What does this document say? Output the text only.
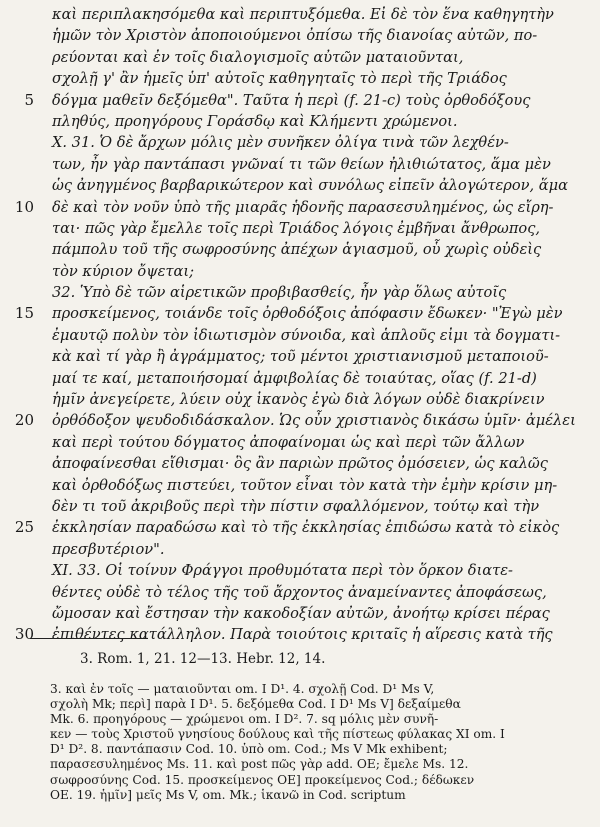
καὶ περιπλακησόμεθα καὶ περιπτυξόμεθα. Εἰ δὲ τὸν ἕνα καθηγητὴν
ἡμῶν τὸν Χριστὸν ἀποποιούμενοι ὀπίσω τῆς διανοίας αὐτῶν, πο-
ρεύονται καὶ ἐν τοῖς διαλογισμοῖς αὐτῶν ματαιοῦνται,
σχολῇ γ' ἂν ἡμεῖς ὑπ' αὐτοῖς καθηγηταῖς τὸ περὶ τῆς Τριάδος
5 δόγμα μαθεῖν δεξόμεθα". Ταῦτα ἡ περὶ (f. 21-c) τοὺς ὀρθοδόξους
πληθύς, προηγόρους Γοράσδῳ καὶ Κλήμεντι χρώμενοι.
X. 31. Ὁ δὲ ἄρχων μόλις μὲν συνῆκεν ὀλίγα τινὰ τῶν λεχθέν-
των, ἦν γὰρ παντάπασι γνῶναί τι τῶν θείων ἠλιθιώτατος, ἅμα μὲν
ὡς ἀνηγμένος βαρβαρικώτερον καὶ συνόλως εἰπεῖν ἀλογώτερον, ἅμα
10 δὲ καὶ τὸν νοῦν ὑπὸ τῆς μιαρᾶς ἡδονῆς παρασεσυλημένος, ὡς εἴρη-
ται· πῶς γὰρ ἔμελλε τοῖς περὶ Τριάδος λόγοις ἐμβῆναι ἄνθρωπος,
πάμπολυ τοῦ τῆς σωφροσύνης ἀπέχων ἁγιασμοῦ, οὗ χωρὶς οὐδεὶς
τὸν κύριον ὄψεται;
32. Ὑπὸ δὲ τῶν αἱρετικῶν προβιβασθείς, ἦν γὰρ ὅλως αὐτοῖς
15 προσκείμενος, τοιάνδε τοῖς ὀρθοδόξοις ἀπόφασιν ἔδωκεν· "Ἐγὼ μὲν
ἐμαυτῷ πολὺν τὸν ἰδιωτισμὸν σύνοιδα, καὶ ἁπλοῦς εἰμι τὰ δογματι-
κὰ καὶ τί γὰρ ἢ ἀγράμματος; τοῦ μέντοι χριστιανισμοῦ μεταποιοῦ-
μαί τε καί, μεταποιήσομαί ἀμφιβολίας δὲ τοιαύτας, οἵας (f. 21-d)
ἡμῖν ἀνεγείρετε, λύειν οὐχ ἱκανὸς ἐγὼ διὰ λόγων οὐδὲ διακρίνειν
20 ὀρθόδοξον ψευδοδιδάσκαλον. Ὡς οὖν χριστιανὸς δικάσω ὑμῖν· ἀμέλει
καὶ περὶ τούτου δόγματος ἀποφαίνομαι ὡς καὶ περὶ τῶν ἄλλων
ἀποφαίνεσθαι εἴθισμαι· ὃς ἂν παριὼν πρῶτος ὀμόσειεν, ὡς καλῶς
καὶ ὀρθοδόξως πιστεύει, τοῦτον εἶναι τὸν κατὰ τὴν ἐμὴν κρίσιν μη-
δὲν τι τοῦ ἀκριβοῦς περὶ τὴν πίστιν σφαλλόμενον, τούτῳ καὶ τὴν
25 ἐκκλησίαν παραδώσω καὶ τὸ τῆς ἐκκλησίας ἐπιδώσω κατὰ τὸ εἰκὸς
πρεσβυτέριον".
XI. 33. Οἱ τοίνυν Φράγγοι προθυμότατα περὶ τὸν ὅρκον διατε-
θέντες οὐδὲ τὸ τέλος τῆς τοῦ ἄρχοντος ἀναμείναντες ἀποφάσεως,
ὤμοσαν καὶ ἔστησαν τὴν κακοδοξίαν αὐτῶν, ἀνοήτῳ κρίσει πέρας
30 ἐπιθέντες κατάλληλον. Παρὰ τοιούτοις κριταῖς ἡ αἵρεσις κατὰ τῆς
3. Rom. 1, 21. 12—13. Hebr. 12, 14.
3. καὶ ἐν τοῖς — ματαιοῦνται om. I D¹. 4. σχολῇ Cod. D¹ Ms V,
σχολὴ Mk; περὶ] παρὰ I D¹. 5. δεξόμεθα Cod. I D¹ Ms V] δεξαίμεθα
Mk. 6. προηγόρους — χρώμενοι om. I D². 7. sq μόλις μὲν συνῆ-
κεν — τοὺς Χριστοῦ γνησίους δούλους καὶ τῆς πίστεως φύλακας XI om. I
D¹ D². 8. παντάπασιν Cod. 10. ὑπὸ om. Cod.; Ms V Mk exhibent;
παρασεσυλημένος Ms. 11. καὶ post πῶς γὰρ add. OE; ἔμελε Ms. 12.
σωφροσύνης Cod. 15. προσκείμενος OE] προκείμενος Cod.; δέδωκεν
OE. 19. ἡμῖν] μεῖς Ms V, om. Mk.; ἱκανῶ in Cod. scriptum
